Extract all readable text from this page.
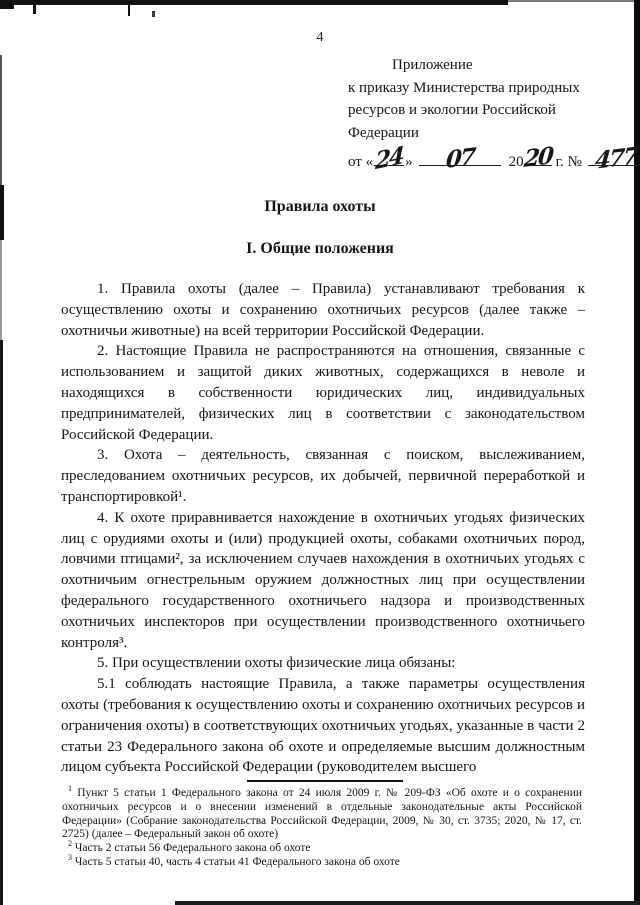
4
Приложение
к приказу Министерства природных
ресурсов и экологии Российской
Федерации
от « 24 » 07 20
20 г. № 477
Правила охоты
I. Общие положения

1. Правила охоты (далее – Правила) устанавливают требования к осуществлению охоты и сохранению охотничьих ресурсов (далее также – охотничьи животные) на всей территории Российской Федерации.

2. Настоящие Правила не распространяются на отношения, связанные с использованием и защитой диких животных, содержащихся в неволе и находящихся в собственности юридических лиц, индивидуальных предпринимателей, физических лиц в соответствии с законодательством Российской Федерации.

3. Охота – деятельность, связанная с поиском, выслеживанием, преследованием охотничьих ресурсов, их добычей, первичной переработкой и транспортировкой¹.

4. К охоте приравнивается нахождение в охотничьих угодьях физических лиц с орудиями охоты и (или) продукцией охоты, собаками охотничьих пород, ловчими птицами², за исключением случаев нахождения в охотничьих угодьях с охотничьим огнестрельным оружием должностных лиц при осуществлении федерального государственного охотничьего надзора и производственных охотничьих инспекторов при осуществлении производственного охотничьего контроля³.

5. При осуществлении охоты физические лица обязаны:

5.1 соблюдать настоящие Правила, а также параметры осуществления охоты (требования к осуществлению охоты и сохранению охотничьих ресурсов и ограничения охоты) в соответствующих охотничьих угодьях, указанные в части 2 статьи 23 Федерального закона об охоте и определяемые высшим должностным лицом субъекта Российской Федерации (руководителем высшего

$^1$ Пункт 5 статьи 1 Федерального закона от 24 июля 2009 г. № 209-ФЗ «Об охоте и о сохранении охотничьих ресурсов и о внесении изменений в отдельные законодательные акты Российской Федерации» (Собрание законодательства Российской Федерации, 2009, № 30, ст. 3735; 2020, № 17, ст. 2725) (далее – Федеральный закон об охоте)

$^2$ Часть 2 статьи 56 Федерального закона об охоте

$^3$ Часть 5 статьи 40, часть 4 статьи 41 Федерального закона об охоте
